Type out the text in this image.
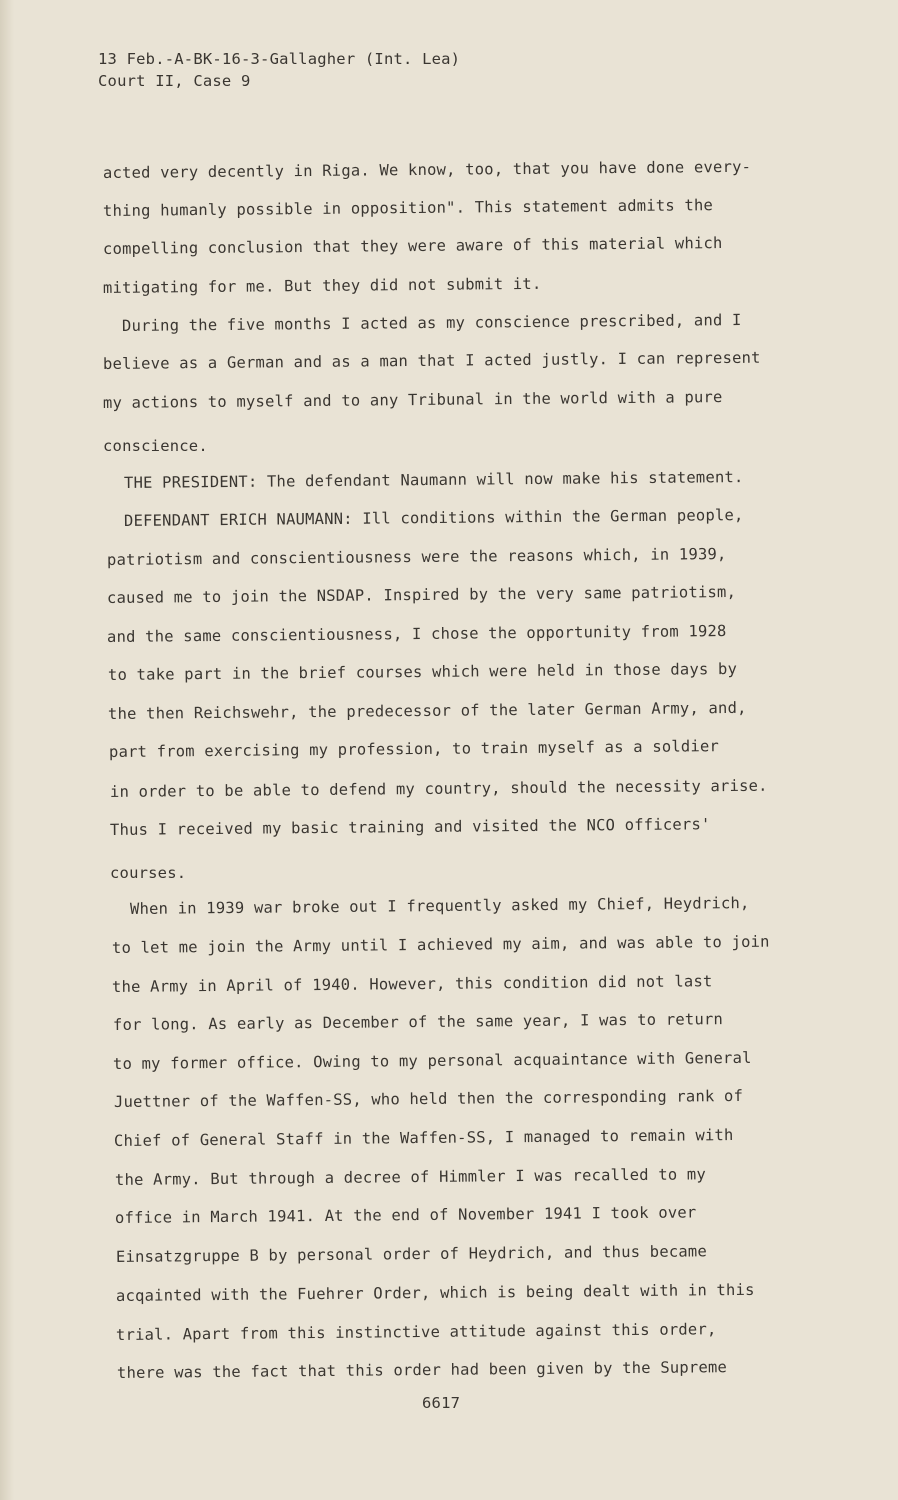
13 Feb.-A-BK-16-3-Gallagher (Int. Lea)
Court II, Case 9
acted very decently in Riga. We know, too, that you have done every-
thing humanly possible in opposition". This statement admits the
compelling conclusion that they were aware of this material which
mitigating for me. But they did not submit it.
During the five months I acted as my conscience prescribed, and I
believe as a German and as a man that I acted justly. I can represent
my actions to myself and to any Tribunal in the world with a pure
conscience.
THE PRESIDENT: The defendant Naumann will now make his statement.
DEFENDANT ERICH NAUMANN: Ill conditions within the German people,
patriotism and conscientiousness were the reasons which, in 1939,
caused me to join the NSDAP. Inspired by the very same patriotism,
and the same conscientiousness, I chose the opportunity from 1928
to take part in the brief courses which were held in those days by
the then Reichswehr, the predecessor of the later German Army, and,
part from exercising my profession, to train myself as a soldier
in order to be able to defend my country, should the necessity arise.
Thus I received my basic training and visited the NCO officers'
courses.
When in 1939 war broke out I frequently asked my Chief, Heydrich,
to let me join the Army until I achieved my aim, and was able to join
the Army in April of 1940. However, this condition did not last
for long. As early as December of the same year, I was to return
to my former office. Owing to my personal acquaintance with General
Juettner of the Waffen-SS, who held then the corresponding rank of
Chief of General Staff in the Waffen-SS, I managed to remain with
the Army. But through a decree of Himmler I was recalled to my
office in March 1941. At the end of November 1941 I took over
Einsatzgruppe B by personal order of Heydrich, and thus became
acqainted with the Fuehrer Order, which is being dealt with in this
trial. Apart from this instinctive attitude against this order,
there was the fact that this order had been given by the Supreme
6617
